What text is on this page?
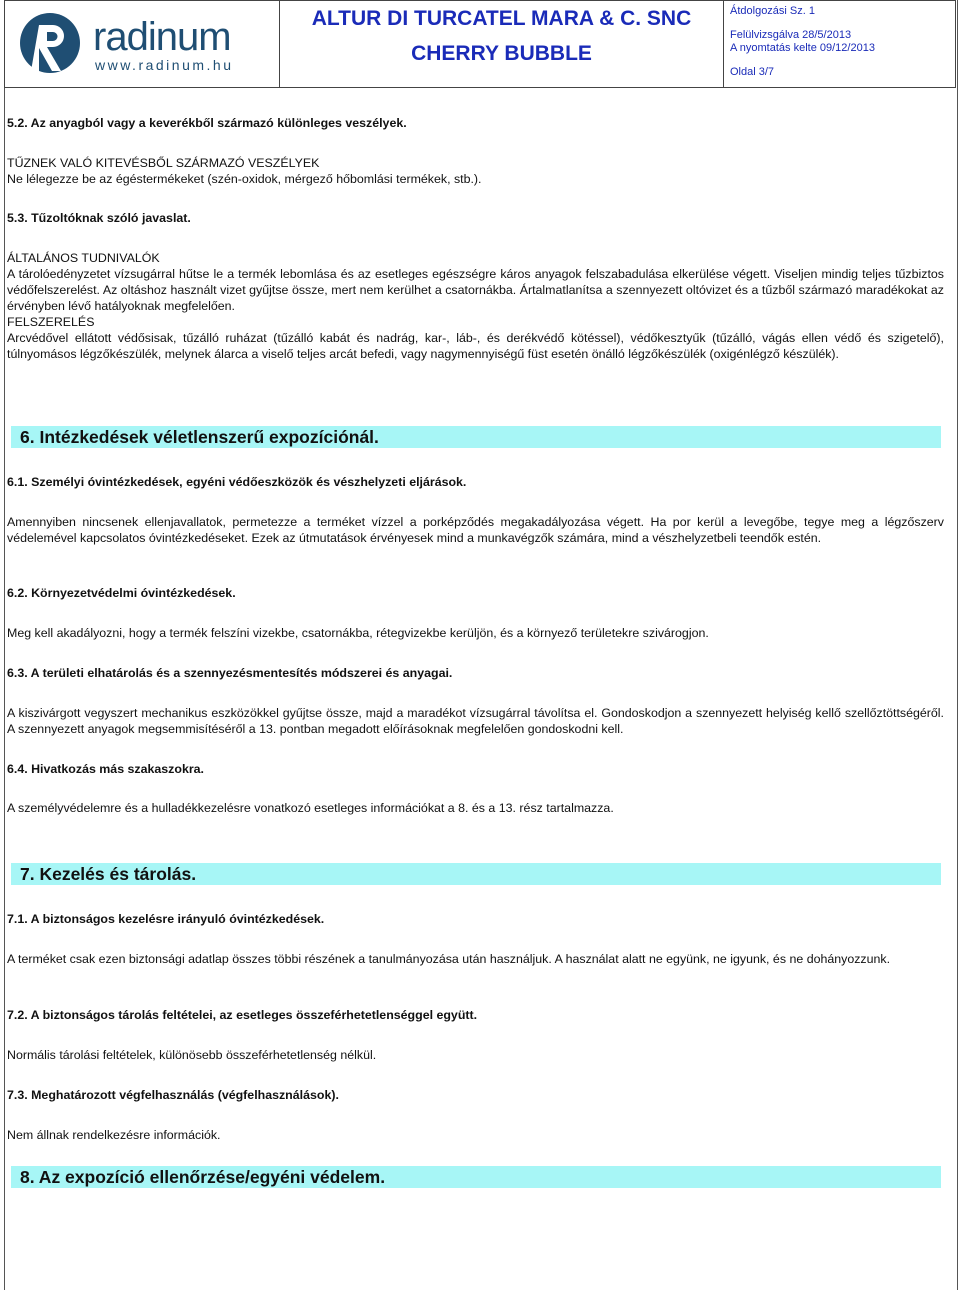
radinum
www.radinum.hu
ALTUR DI TURCATEL MARA & C. SNC
CHERRY BUBBLE
Átdolgozási Sz. 1
Felülvizsgálva 28/5/2013
A nyomtatás kelte 09/12/2013
Oldal 3/7

5.2. Az anyagból vagy a keverékből származó különleges veszélyek.

TŰZNEK VALÓ KITEVÉSBŐL SZÁRMAZÓ VESZÉLYEK

Ne lélegezze be az égéstermékeket (szén-oxidok, mérgező hőbomlási termékek, stb.).

5.3. Tűzoltóknak szóló javaslat.

ÁLTALÁNOS TUDNIVALÓK

A tárolóedényzetet vízsugárral hűtse le a termék lebomlása és az esetleges egészségre káros anyagok felszabadulása elkerülése végett. Viseljen mindig teljes tűzbiztos védőfelszerelést. Az oltáshoz használt vizet gyűjtse össze, mert nem kerülhet a csatornákba. Ártalmatlanítsa a szennyezett oltóvizet és a tűzből származó maradékokat az érvényben lévő hatályoknak megfelelően.

FELSZERELÉS

Arcvédővel ellátott védősisak, tűzálló ruházat (tűzálló kabát és nadrág, kar-, láb-, és derékvédő kötéssel), védőkesztyűk (tűzálló, vágás ellen védő és szigetelő), túlnyomásos légzőkészülék, melynek álarca a viselő teljes arcát befedi, vagy nagymennyiségű füst esetén önálló légzőkészülék (oxigénlégző készülék).

6. Intézkedések véletlenszerű expozíciónál.

6.1. Személyi óvintézkedések, egyéni védőeszközök és vészhelyzeti eljárások.

Amennyiben nincsenek ellenjavallatok, permetezze a terméket vízzel a porképződés megakadályozása végett. Ha por kerül a levegőbe, tegye meg a légzőszerv védelemével kapcsolatos óvintézkedéseket. Ezek az útmutatások érvényesek mind a munkavégzők számára, mind a vészhelyzetbeli teendők estén.

6.2. Környezetvédelmi óvintézkedések.

Meg kell akadályozni, hogy a termék felszíni vizekbe, csatornákba, rétegvizekbe kerüljön, és a környező területekre szivárogjon.

6.3. A területi elhatárolás és a szennyezésmentesítés módszerei és anyagai.

A kiszivárgott vegyszert mechanikus eszközökkel gyűjtse össze, majd a maradékot vízsugárral távolítsa el. Gondoskodjon a szennyezett helyiség kellő szellőztöttségéről. A szennyezett anyagok megsemmisítéséről a 13. pontban megadott előírásoknak megfelelően gondoskodni kell.

6.4. Hivatkozás más szakaszokra.

A személyvédelemre és a hulladékkezelésre vonatkozó esetleges információkat a 8. és a 13. rész tartalmazza.

7. Kezelés és tárolás.

7.1. A biztonságos kezelésre irányuló óvintézkedések.

A terméket csak ezen biztonsági adatlap összes többi részének a tanulmányozása után használjuk. A használat alatt ne együnk, ne igyunk, és ne dohányozzunk.

7.2. A biztonságos tárolás feltételei, az esetleges összeférhetetlenséggel együtt.

Normális tárolási feltételek, különösebb összeférhetetlenség nélkül.

7.3. Meghatározott végfelhasználás (végfelhasználások).

Nem állnak rendelkezésre információk.

8. Az expozíció ellenőrzése/egyéni védelem.
